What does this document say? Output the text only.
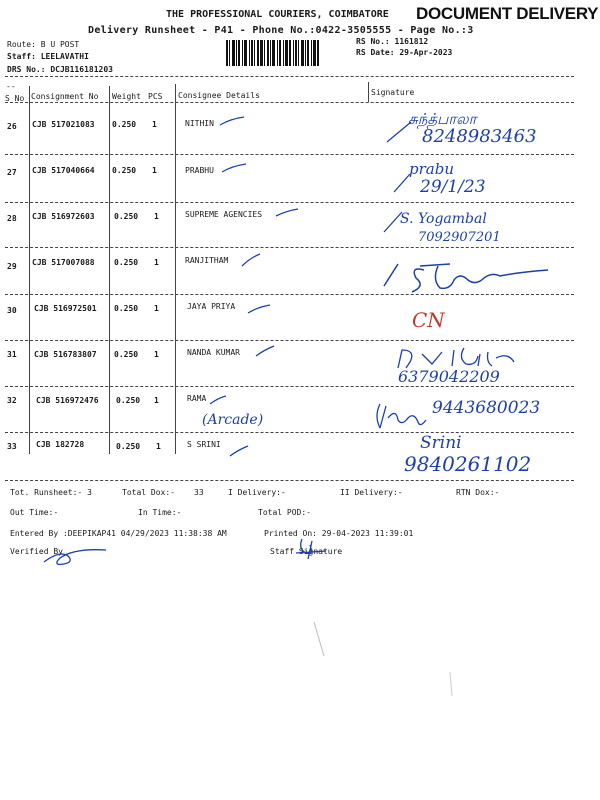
THE PROFESSIONAL COURIERS, COIMBATORE DOCUMENT DELIVERY
Delivery Runsheet - P41 - Phone No.:0422-3505555 - Page No.:3
Route: B U POST
Staff: LEELAVATHI
DRS No.: DCJB116181203
RS No.: 1161812
RS Date: 29-Apr-2023
--
S No Consignment No Weight PCS Consignee Details	Signature
26 CJB 517021083 0.250 1	NITHIN	சுந்த்பாலா
8248983463
27 CJB 517040664 0.250 1	PRABHU	prabu
29/1/23
28 CJB 516972603 0.250 1	SUPREME AGENCIES	S. Yogambal
7092907201
29 CJB 517007088 0.250 1	RANJITHAM
30 CJB 516972501 0.250 1	JAYA PRIYA
CN
31 CJB 516783807 0.250 1	NANDA KUMAR
6379042209
32 CJB 516972476 0.250 1	RAMA
(Arcade)
9443680023
33 CJB 182728	0.250 1	S SRINI	Srini
9840261102
Tot. Runsheet:- 3	Total Dox:- 33	I Delivery:-	II Delivery:-	RTN Dox:-
Out Time:-	In Time:-	Total POD:-
Entered By :DEEPIKAP41 04/29/2023 11:38:38 AM	Printed On: 29-04-2023 11:39:01
Verified By	Staff Signature
